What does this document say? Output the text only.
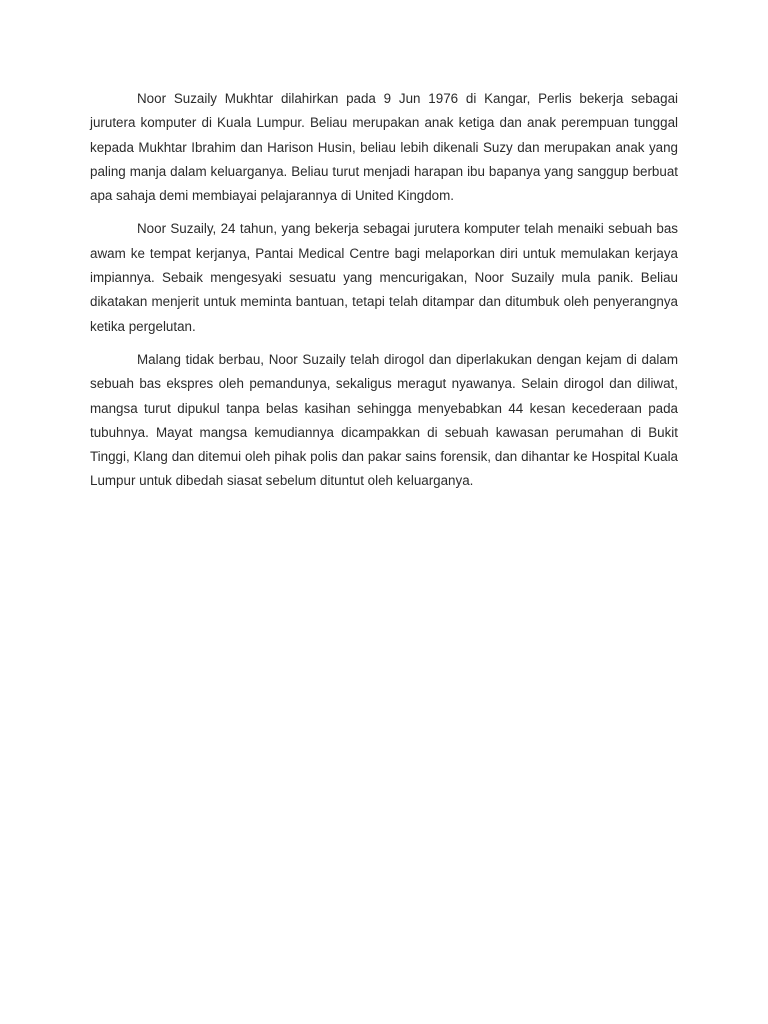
Noor Suzaily Mukhtar dilahirkan pada 9 Jun 1976 di Kangar, Perlis bekerja sebagai jurutera komputer di Kuala Lumpur. Beliau merupakan anak ketiga dan anak perempuan tunggal kepada Mukhtar Ibrahim dan Harison Husin, beliau lebih dikenali Suzy dan merupakan anak yang paling manja dalam keluarganya. Beliau turut menjadi harapan ibu bapanya yang sanggup berbuat apa sahaja demi membiayai pelajarannya di United Kingdom.

Noor Suzaily, 24 tahun, yang bekerja sebagai jurutera komputer telah menaiki sebuah bas awam ke tempat kerjanya, Pantai Medical Centre bagi melaporkan diri untuk memulakan kerjaya impiannya. Sebaik mengesyaki sesuatu yang mencurigakan, Noor Suzaily mula panik. Beliau dikatakan menjerit untuk meminta bantuan, tetapi telah ditampar dan ditumbuk oleh penyerangnya ketika pergelutan.

Malang tidak berbau, Noor Suzaily telah dirogol dan diperlakukan dengan kejam di dalam sebuah bas ekspres oleh pemandunya, sekaligus meragut nyawanya. Selain dirogol dan diliwat, mangsa turut dipukul tanpa belas kasihan sehingga menyebabkan 44 kesan kecederaan pada tubuhnya. Mayat mangsa kemudiannya dicampakkan di sebuah kawasan perumahan di Bukit Tinggi, Klang dan ditemui oleh pihak polis dan pakar sains forensik, dan dihantar ke Hospital Kuala Lumpur untuk dibedah siasat sebelum dituntut oleh keluarganya.
